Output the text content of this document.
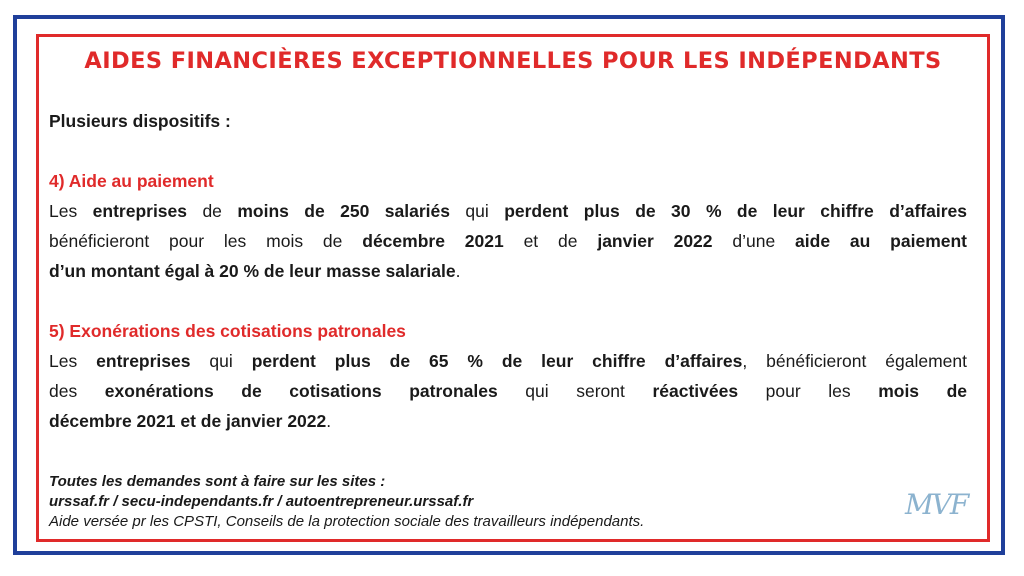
AIDES FINANCIÈRES EXCEPTIONNELLES POUR LES INDÉPENDANTS
Plusieurs dispositifs :
4) Aide au paiement
Les entreprises de moins de 250 salariés qui perdent plus de 30 % de leur chiffre d’affaires
bénéficieront pour les mois de décembre 2021 et de janvier 2022 d’une aide au paiement
d’un montant égal à 20 % de leur masse salariale.
5) Exonérations des cotisations patronales
Les entreprises qui perdent plus de 65 % de leur chiffre d’affaires, bénéficieront également
des exonérations de cotisations patronales qui seront réactivées pour les mois de
décembre 2021 et de janvier 2022.
Toutes les demandes sont à faire sur les sites :
urssaf.fr / secu-independants.fr / autoentrepreneur.urssaf.fr
Aide versée pr les CPSTI, Conseils de la protection sociale des travailleurs indépendants.
MVF
